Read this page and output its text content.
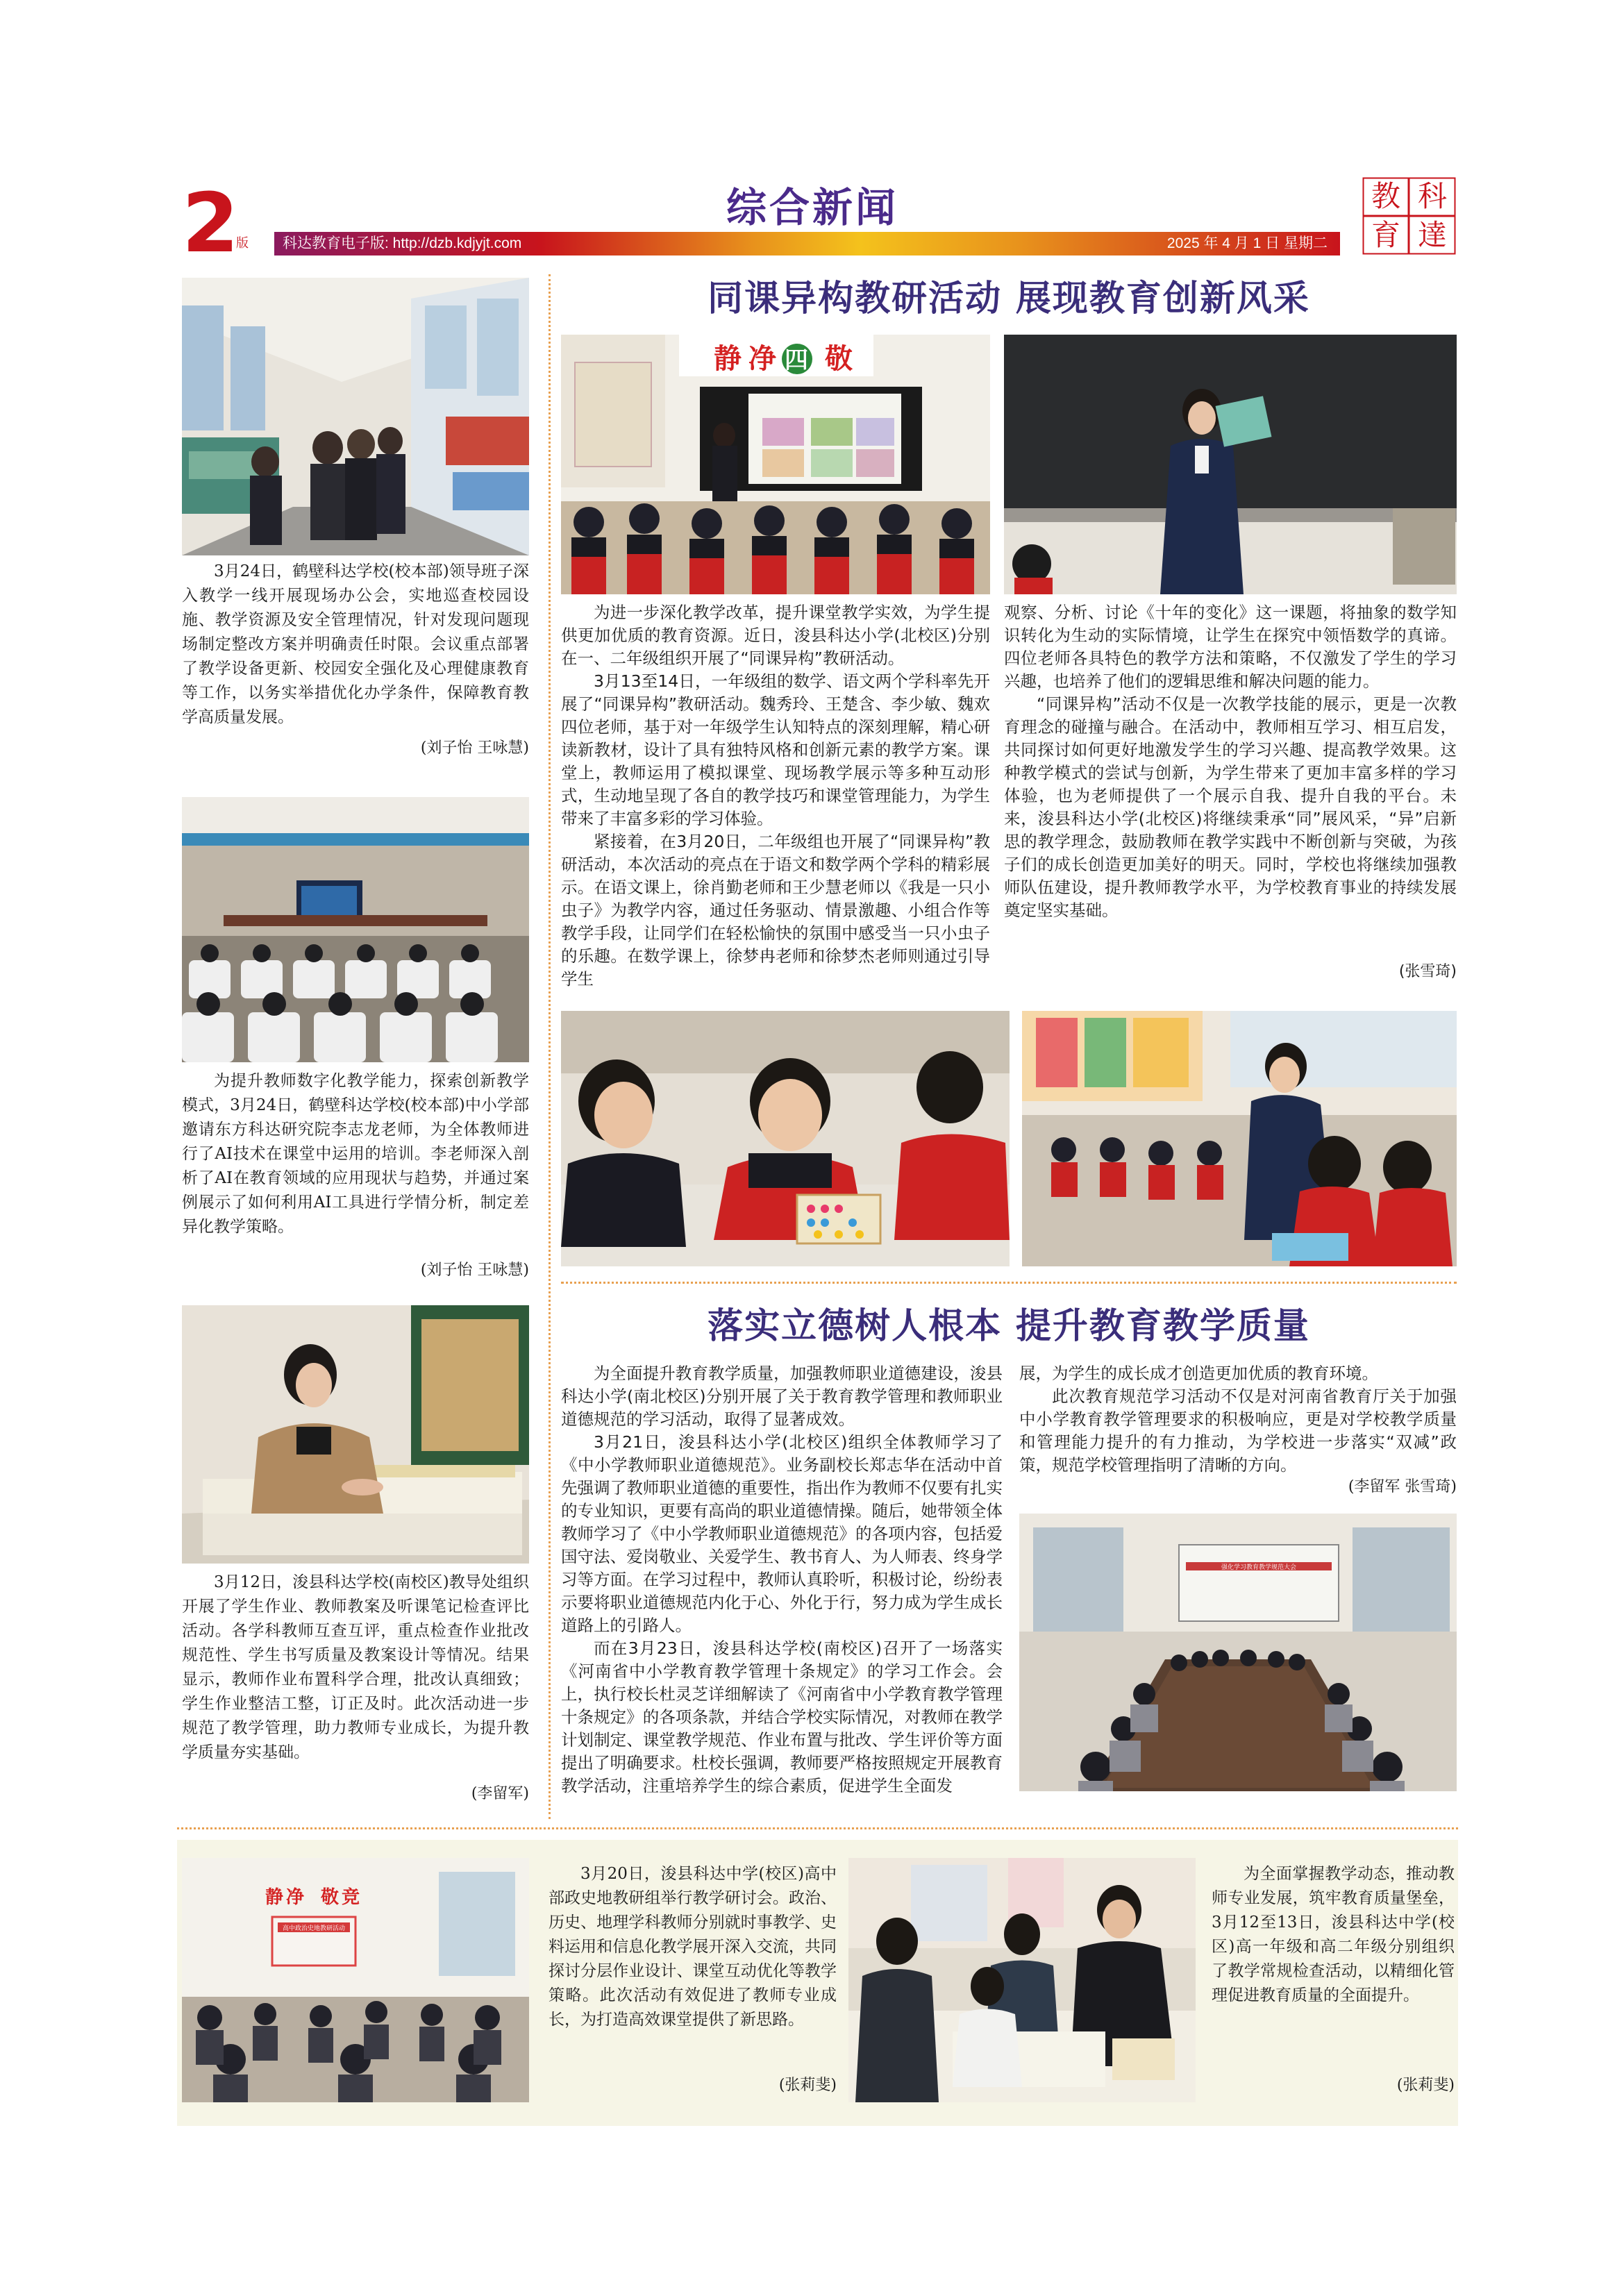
2
版
综合新闻
科达教育电子版: http://dzb.kdjyjt.com	2025 年 4 月 1 日 星期二
教 科
育 達

3月24日，鹤壁科达学校(校本部)领导班子深入教学一线开展现场办公会，实地巡查校园设施、教学资源及安全管理情况，针对发现问题现场制定整改方案并明确责任时限。会议重点部署了教学设备更新、校园安全强化及心理健康教育等工作，以务实举措优化办学条件，保障教育教学高质量发展。

(刘子怡 王咏慧)

为提升教师数字化教学能力，探索创新教学模式，3月24日，鹤壁科达学校(校本部)中小学部邀请东方科达研究院李志龙老师，为全体教师进行了AI技术在课堂中运用的培训。李老师深入剖析了AI在教育领域的应用现状与趋势，并通过案例展示了如何利用AI工具进行学情分析，制定差异化教学策略。

(刘子怡 王咏慧)

3月12日，浚县科达学校(南校区)教导处组织开展了学生作业、教师教案及听课笔记检查评比活动。各学科教师互查互评，重点检查作业批改规范性、学生书写质量及教案设计等情况。结果显示，教师作业布置科学合理，批改认真细致；学生作业整洁工整，订正及时。此次活动进一步规范了教学管理，助力教师专业成长，为提升教学质量夯实基础。

(李留军)
同课异构教研活动 展现教育创新风采
静 净 四 敬

为进一步深化教学改革，提升课堂教学实效，为学生提供更加优质的教育资源。近日，浚县科达小学(北校区)分别在一、二年级组织开展了“同课异构”教研活动。

3月13至14日，一年级组的数学、语文两个学科率先开展了“同课异构”教研活动。魏秀玲、王楚含、李少敏、魏欢四位老师，基于对一年级学生认知特点的深刻理解，精心研读新教材，设计了具有独特风格和创新元素的教学方案。课堂上，教师运用了模拟课堂、现场教学展示等多种互动形式，生动地呈现了各自的教学技巧和课堂管理能力，为学生带来了丰富多彩的学习体验。

紧接着，在3月20日，二年级组也开展了“同课异构”教研活动，本次活动的亮点在于语文和数学两个学科的精彩展示。在语文课上，徐肖勤老师和王少慧老师以《我是一只小虫子》为教学内容，通过任务驱动、情景激趣、小组合作等教学手段，让同学们在轻松愉快的氛围中感受当一只小虫子的乐趣。在数学课上，徐梦冉老师和徐梦杰老师则通过引导学生

观察、分析、讨论《十年的变化》这一课题，将抽象的数学知识转化为生动的实际情境，让学生在探究中领悟数学的真谛。四位老师各具特色的教学方法和策略，不仅激发了学生的学习兴趣，也培养了他们的逻辑思维和解决问题的能力。

“同课异构”活动不仅是一次教学技能的展示，更是一次教育理念的碰撞与融合。在活动中，教师相互学习、相互启发，共同探讨如何更好地激发学生的学习兴趣、提高教学效果。这种教学模式的尝试与创新，为学生带来了更加丰富多样的学习体验，也为老师提供了一个展示自我、提升自我的平台。未来，浚县科达小学(北校区)将继续秉承“同”展风采，“异”启新思的教学理念，鼓励教师在教学实践中不断创新与突破，为孩子们的成长创造更加美好的明天。同时，学校也将继续加强教师队伍建设，提升教师教学水平，为学校教育事业的持续发展奠定坚实基础。

(张雪琦)
落实立德树人根本 提升教育教学质量

为全面提升教育教学质量，加强教师职业道德建设，浚县科达小学(南北校区)分别开展了关于教育教学管理和教师职业道德规范的学习活动，取得了显著成效。

3月21日，浚县科达小学(北校区)组织全体教师学习了《中小学教师职业道德规范》。业务副校长郑志华在活动中首先强调了教师职业道德的重要性，指出作为教师不仅要有扎实的专业知识，更要有高尚的职业道德情操。随后，她带领全体教师学习了《中小学教师职业道德规范》的各项内容，包括爱国守法、爱岗敬业、关爱学生、教书育人、为人师表、终身学习等方面。在学习过程中，教师认真聆听，积极讨论，纷纷表示要将职业道德规范内化于心、外化于行，努力成为学生成长道路上的引路人。

而在3月23日，浚县科达学校(南校区)召开了一场落实《河南省中小学教育教学管理十条规定》的学习工作会。会上，执行校长杜灵芝详细解读了《河南省中小学教育教学管理十条规定》的各项条款，并结合学校实际情况，对教师在教学计划制定、课堂教学规范、作业布置与批改、学生评价等方面提出了明确要求。杜校长强调，教师要严格按照规定开展教育教学活动，注重培养学生的综合素质，促进学生全面发

展，为学生的成长成才创造更加优质的教育环境。

此次教育规范学习活动不仅是对河南省教育厅关于加强中小学教育教学管理要求的积极响应，更是对学校教学质量和管理能力提升的有力推动，为学校进一步落实“双减”政策，规范学校管理指明了清晰的方向。

(李留军 张雪琦)
强化学习教育教学规范大会
高中政治史地教研活动
静 净 敬 竞

3月20日，浚县科达中学(校区)高中部政史地教研组举行教学研讨会。政治、历史、地理学科教师分别就时事教学、史料运用和信息化教学展开深入交流，共同探讨分层作业设计、课堂互动优化等教学策略。此次活动有效促进了教师专业成长，为打造高效课堂提供了新思路。

(张莉斐)

为全面掌握教学动态，推动教师专业发展，筑牢教育质量堡垒，3月12至13日，浚县科达中学(校区)高一年级和高二年级分别组织了教学常规检查活动，以精细化管理促进教育质量的全面提升。

(张莉斐)
